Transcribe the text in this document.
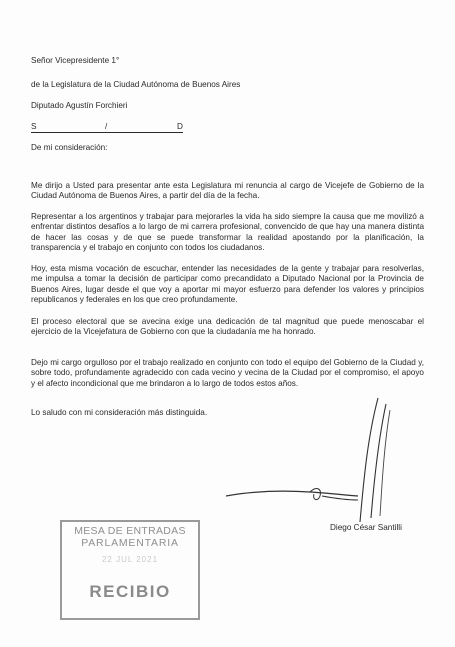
Señor Vicepresidente 1°
de la Legislatura de la Ciudad Autónoma de Buenos Aires
Diputado Agustín Forchieri
S	/	D
De mi consideración:
Me dirijo a Usted para presentar ante esta Legislatura mi renuncia al cargo de Vicejefe de Gobierno de la Ciudad Autónoma de Buenos Aires, a partir del día de la fecha.
Representar a los argentinos y trabajar para mejorarles la vida ha sido siempre la causa que me movilizó a enfrentar distintos desafíos a lo largo de mi carrera profesional, convencido de que hay una manera distinta de hacer las cosas y de que se puede transformar la realidad apostando por la planificación, la transparencia y el trabajo en conjunto con todos los ciudadanos.
Hoy, esta misma vocación de escuchar, entender las necesidades de la gente y trabajar para resolverlas, me impulsa a tomar la decisión de participar como precandidato a Diputado Nacional por la Provincia de Buenos Aires, lugar desde el que voy a aportar mi mayor esfuerzo para defender los valores y principios republicanos y federales en los que creo profundamente.
El proceso electoral que se avecina exige una dedicación de tal magnitud que puede menoscabar el ejercicio de la Vicejefatura de Gobierno con que la ciudadanía me ha honrado.
Dejo mi cargo orgulloso por el trabajo realizado en conjunto con todo el equipo del Gobierno de la Ciudad y, sobre todo, profundamente agradecido con cada vecino y vecina de la Ciudad por el compromiso, el apoyo y el afecto incondicional que me brindaron a lo largo de todos estos años.
Lo saludo con mi consideración más distinguida.
Diego César Santilli
MESA DE ENTRADAS
PARLAMENTARIA
22 JUL 2021
RECIBIO
